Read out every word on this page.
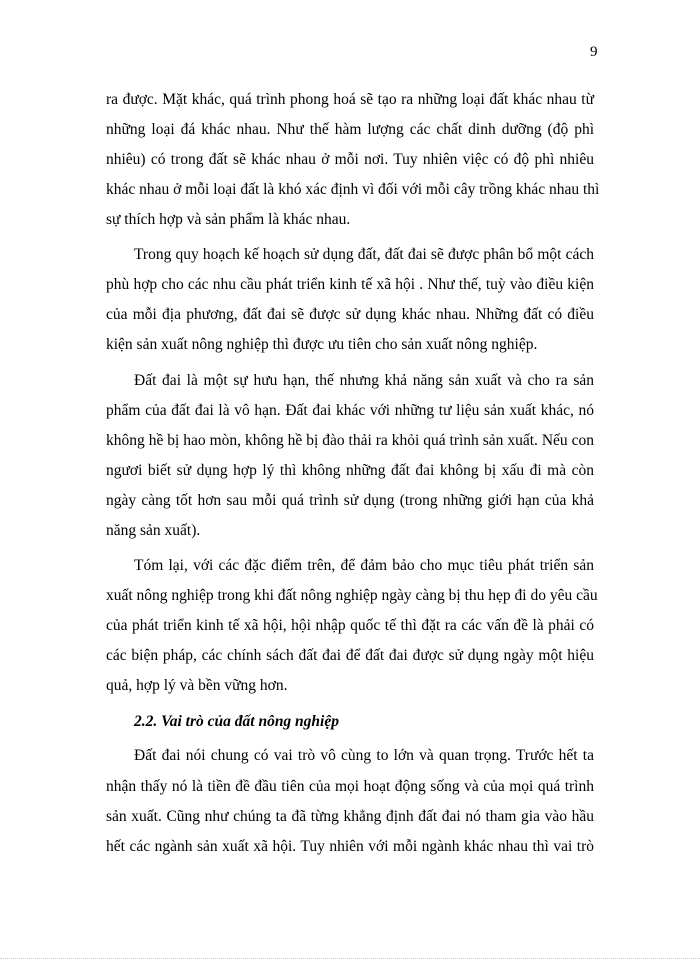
9
ra được. Mặt khác, quá trình phong hoá sẽ tạo ra những loại đất khác nhau từ
những loại đá khác nhau. Như thế hàm lượng các chất dinh dưỡng (độ phì
nhiêu) có trong đất sẽ khác nhau ở mỗi nơi. Tuy nhiên việc có độ phì nhiêu
khác nhau ở mỗi loại đất là khó xác định vì đối với mỗi cây trồng khác nhau thì
sự thích hợp và sản phẩm là khác nhau.
Trong quy hoạch kế hoạch sử dụng đất, đất đai sẽ được phân bổ một cách
phù hợp cho các nhu cầu phát triển kinh tế xã hội . Như thế, tuỳ vào điều kiện
của mỗi địa phương, đất đai sẽ được sử dụng khác nhau. Những đất có điều
kiện sản xuất nông nghiệp thì được ưu tiên cho sản xuất nông nghiệp.
Đất đai là một sự hưu hạn, thế nhưng khả năng sản xuất và cho ra sản
phẩm của đất đai là vô hạn. Đất đai khác với những tư liệu sản xuất khác, nó
không hề bị hao mòn, không hề bị đào thải ra khỏi quá trình sản xuất. Nếu con
ngươi biết sử dụng hợp lý thì không những đất đai không bị xấu đi mà còn
ngày càng tốt hơn sau mỗi quá trình sử dụng (trong những giới hạn của khả
năng sản xuất).
Tóm lại, với các đặc điểm trên, để đảm bảo cho mục tiêu phát triển sản
xuất nông nghiệp trong khi đất nông nghiệp ngày càng bị thu hẹp đi do yêu cầu
của phát triển kinh tế xã hội, hội nhập quốc tế thì đặt ra các vấn đề là phải có
các biện pháp, các chính sách đất đai để đất đai được sử dụng ngày một hiệu
quả, hợp lý và bền vững hơn.
2.2. Vai trò của đất nông nghiệp
Đất đai nói chung có vai trò vô cùng to lớn và quan trọng. Trước hết ta
nhận thấy nó là tiền đề đầu tiên của mọi hoạt động sống và của mọi quá trình
sản xuất. Cũng như chúng ta đã từng khẳng định đất đai nó tham gia vào hầu
hết các ngành sản xuất xã hội. Tuy nhiên với mỗi ngành khác nhau thì vai trò
